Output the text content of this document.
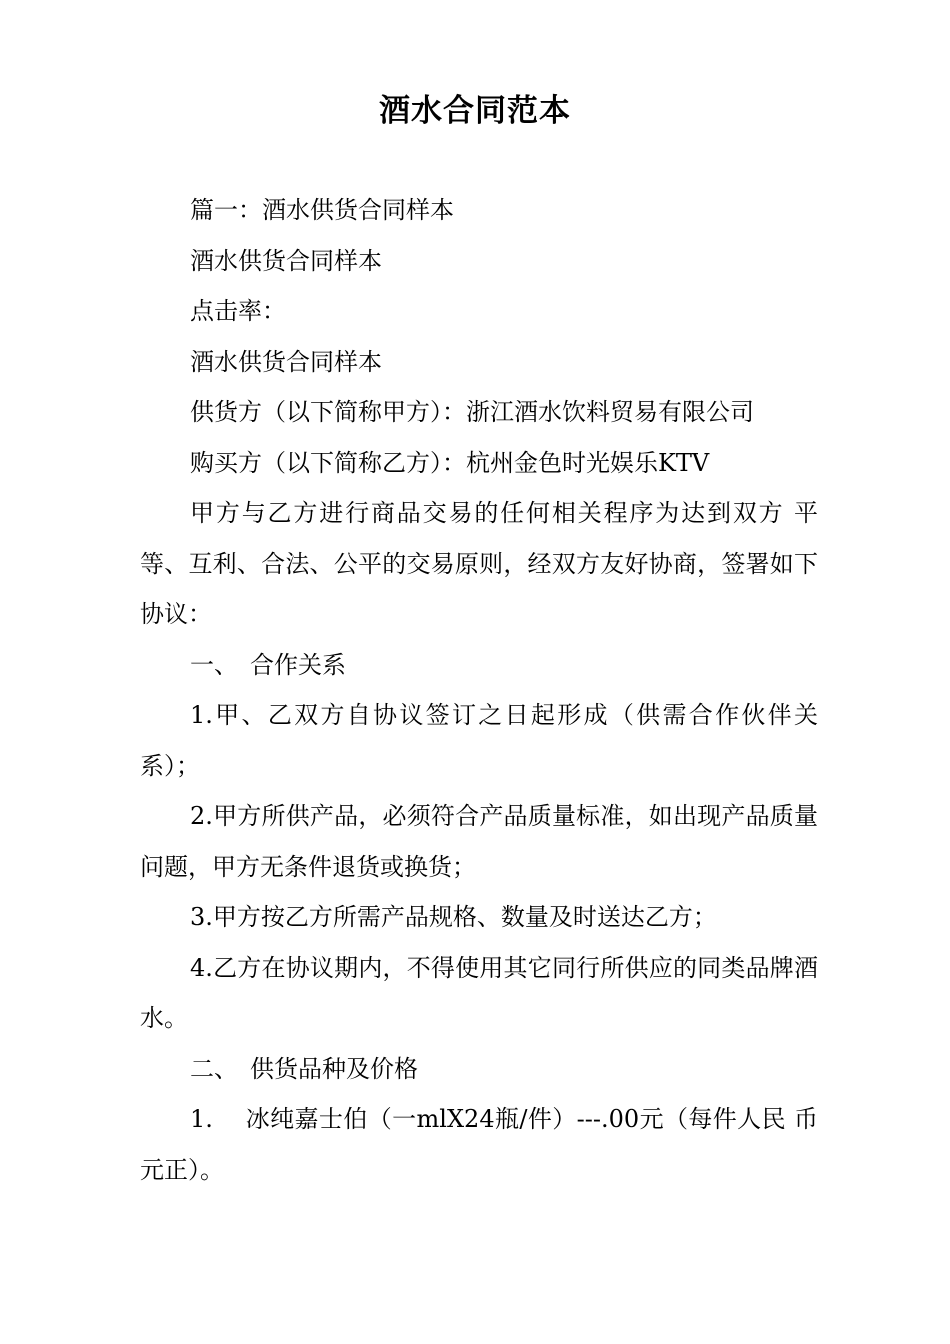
酒水合同范本

篇一：酒水供货合同样本

酒水供货合同样本

点击率：

酒水供货合同样本

供货方（以下简称甲方）：浙江酒水饮料贸易有限公司

购买方（以下简称乙方）：杭州金色时光娱乐KTV

甲方与乙方进行商品交易的任何相关程序为达到双方 平等、互利、合法、公平的交易原则，经双方友好协商，签署如下协议：

一、　合作关系

1.甲、乙双方自协议签订之日起形成（供需合作伙伴关系）；

2.甲方所供产品，必须符合产品质量标准，如出现产品质量问题，甲方无条件退货或换货；

3.甲方按乙方所需产品规格、数量及时送达乙方；

4.乙方在协议期内，不得使用其它同行所供应的同类品牌酒水。

二、　供货品种及价格

1.　 冰纯嘉士伯（一mlX24瓶/件）---.00元（每件人民 币元正）。
